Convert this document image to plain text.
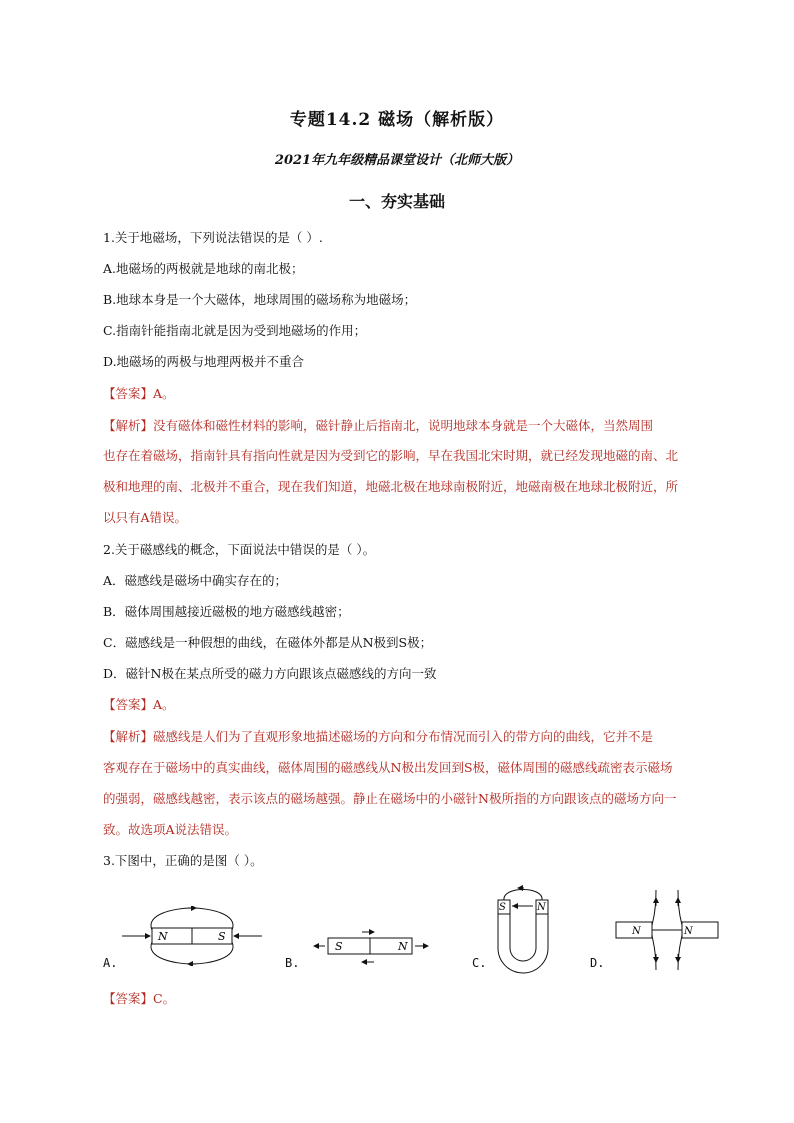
专题14.2 磁场（解析版）
2021年九年级精品课堂设计（北师大版）
一、夯实基础
1.关于地磁场，下列说法错误的是（ ）.
A.地磁场的两极就是地球的南北极；
B.地球本身是一个大磁体，地球周围的磁场称为地磁场；
C.指南针能指南北就是因为受到地磁场的作用；
D.地磁场的两极与地理两极并不重合
【答案】A。
【解析】没有磁体和磁性材料的影响，磁针静止后指南北，说明地球本身就是一个大磁体，当然周围
也存在着磁场，指南针具有指向性就是因为受到它的影响，早在我国北宋时期，就已经发现地磁的南、北
极和地理的南、北极并不重合，现在我们知道，地磁北极在地球南极附近，地磁南极在地球北极附近，所
以只有A错误。
2.关于磁感线的概念，下面说法中错误的是（ ）。
A．磁感线是磁场中确实存在的；
B．磁体周围越接近磁极的地方磁感线越密；
C．磁感线是一种假想的曲线，在磁体外都是从N极到S极；
D．磁针N极在某点所受的磁力方向跟该点磁感线的方向一致
【答案】A。
【解析】磁感线是人们为了直观形象地描述磁场的方向和分布情况而引入的带方向的曲线，它并不是
客观存在于磁场中的真实曲线，磁体周围的磁感线从N极出发回到S极，磁体周围的磁感线疏密表示磁场
的强弱，磁感线越密，表示该点的磁场越强。静止在磁场中的小磁针N极所指的方向跟该点的磁场方向一
致。故选项A说法错误。
3.下图中，正确的是图（ ）。
N	S
A.
S	N
B.
S	N
C.
N	N
D.
【答案】C。
